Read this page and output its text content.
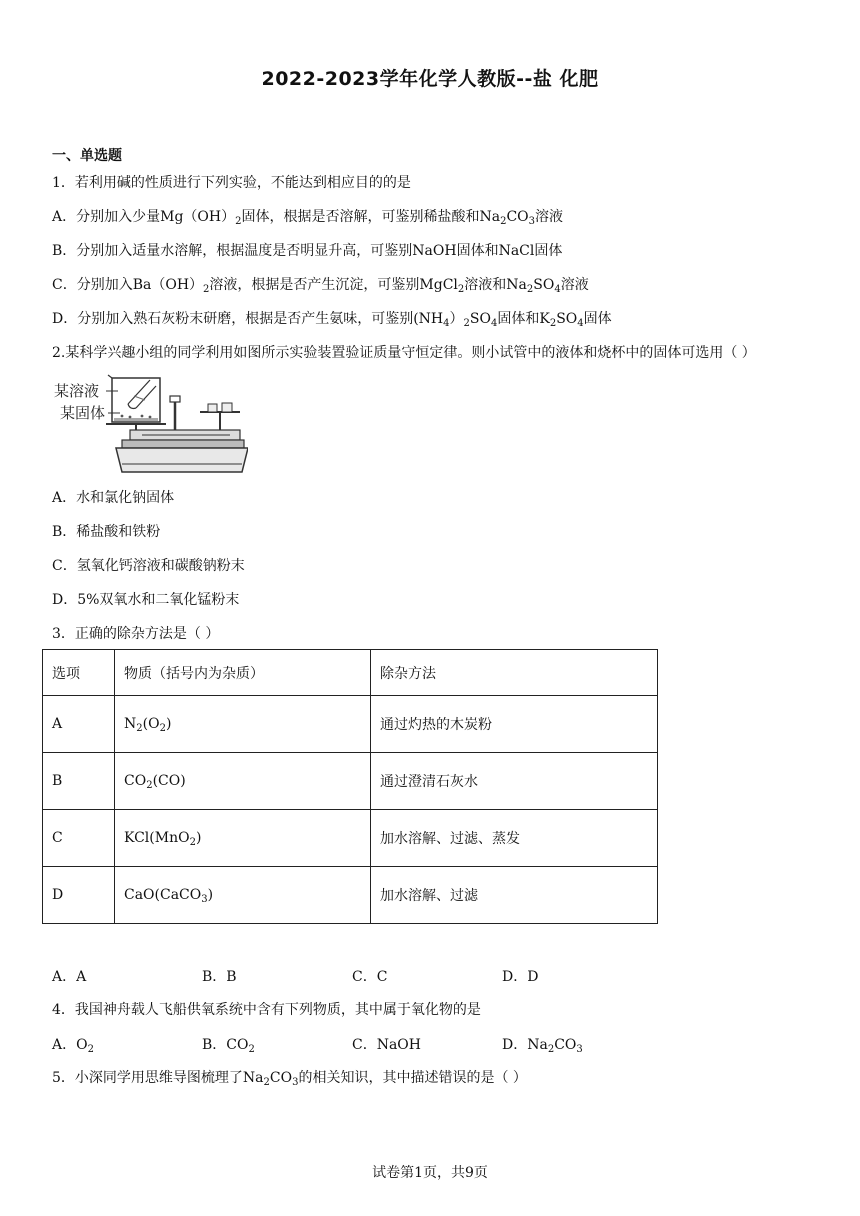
2022-2023学年化学人教版--盐 化肥
一、单选题
1．若利用碱的性质进行下列实验，不能达到相应目的的是
A．分别加入少量$Mg(OH)_2$固体，根据是否溶解，可鉴别稀盐酸和$Na_2CO_3$溶液
B．分别加入适量水溶解，根据温度是否明显升高，可鉴别NaOH固体和NaCl固体
C．分别加入$Ba(OH)_2$溶液，根据是否产生沉淀，可鉴别MgCl$_2$溶液和$Na_2SO_4$溶液
D．分别加入熟石灰粉末研磨，根据是否产生氨味，可鉴别$(NH_4)_2SO_4$固体和$K_2SO_4$固体
2.某科学兴趣小组的同学利用如图所示实验装置验证质量守恒定律。则小试管中的液体和烧杯中的固体可选用（ ）
某溶液
某固体
A．水和氯化钠固体
B．稀盐酸和铁粉
C．氢氧化钙溶液和碳酸钠粉末
D．5%双氧水和二氧化锰粉末
3．正确的除杂方法是（ ）
选项	物质（括号内为杂质）	除杂方法
A	$N_2(O_2)$	通过灼热的木炭粉
B	$CO_2(CO)$	通过澄清石灰水
C	KCl(MnO$_2$)	加水溶解、过滤、蒸发
D	CaO(CaCO$_3$)	加水溶解、过滤
A．A	B．B	C．C	D．D
4．我国神舟载人飞船供氧系统中含有下列物质，其中属于氧化物的是
A．$O_2$	B．$CO_2$	C．NaOH	D．$Na_2CO_3$
5．小深同学用思维导图梳理了$Na_2CO_3$的相关知识，其中描述错误的是（ ）
试卷第1页，共9页
